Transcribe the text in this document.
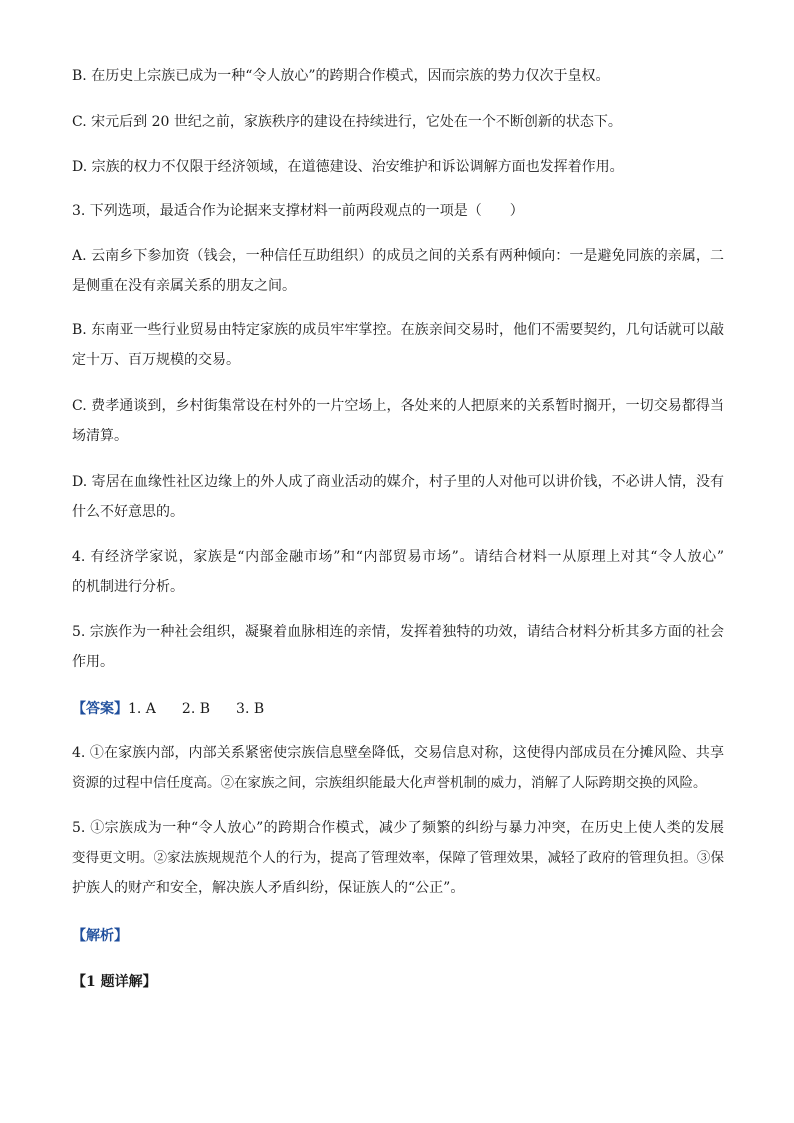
B. 在历史上宗族已成为一种“令人放心”的跨期合作模式，因而宗族的势力仅次于皇权。
C. 宋元后到 20 世纪之前，家族秩序的建设在持续进行，它处在一个不断创新的状态下。
D. 宗族的权力不仅限于经济领域，在道德建设、治安维护和诉讼调解方面也发挥着作用。
3. 下列选项，最适合作为论据来支撑材料一前两段观点的一项是（　　）
A. 云南乡下参加资（钱会，一种信任互助组织）的成员之间的关系有两种倾向：一是避免同族的亲属，二
是侧重在没有亲属关系的朋友之间。
B. 东南亚一些行业贸易由特定家族的成员牢牢掌控。在族亲间交易时，他们不需要契约，几句话就可以敲
定十万、百万规模的交易。
C. 费孝通谈到，乡村街集常设在村外的一片空场上，各处来的人把原来的关系暂时搁开，一切交易都得当
场清算。
D. 寄居在血缘性社区边缘上的外人成了商业活动的媒介，村子里的人对他可以讲价钱，不必讲人情，没有
什么不好意思的。
4. 有经济学家说，家族是“内部金融市场”和“内部贸易市场”。请结合材料一从原理上对其“令人放心”
的机制进行分析。
5. 宗族作为一种社会组织，凝聚着血脉相连的亲情，发挥着独特的功效，请结合材料分析其多方面的社会
作用。
【答案】1. A 2. B 3. B
4. ①在家族内部，内部关系紧密使宗族信息壁垒降低，交易信息对称，这使得内部成员在分摊风险、共享
资源的过程中信任度高。②在家族之间，宗族组织能最大化声誉机制的威力，消解了人际跨期交换的风险。
5. ①宗族成为一种“令人放心”的跨期合作模式，减少了频繁的纠纷与暴力冲突，在历史上使人类的发展
变得更文明。②家法族规规范个人的行为，提高了管理效率，保障了管理效果，减轻了政府的管理负担。③保
护族人的财产和安全，解决族人矛盾纠纷，保证族人的“公正”。
【解析】
【1 题详解】
